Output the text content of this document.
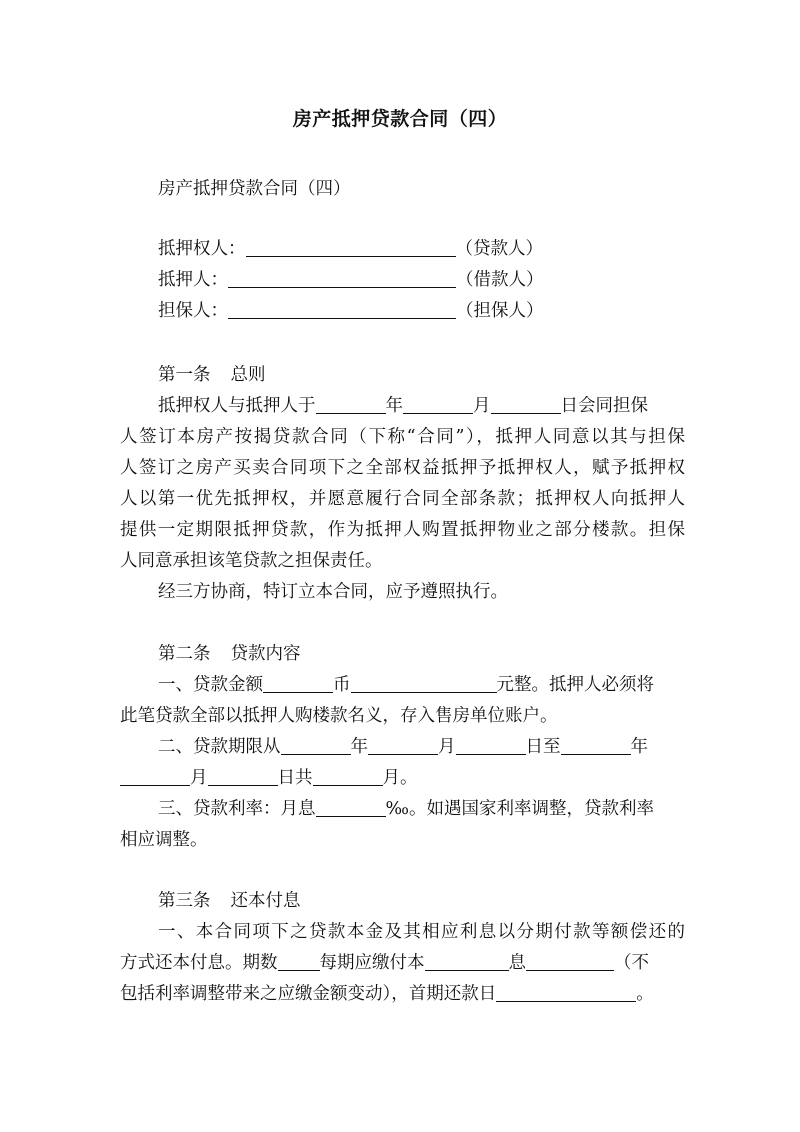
房产抵押贷款合同（四）
房产抵押贷款合同（四）
抵押权人：	（贷款人）
抵押人：	（借款人）
担保人：	（担保人）
第一条 总则
抵押权人与抵押人于	年	月	日会同担保
人签订本房产按揭贷款合同（下称“合同”），抵押人同意以其与担保
人签订之房产买卖合同项下之全部权益抵押予抵押权人，赋予抵押权
人以第一优先抵押权，并愿意履行合同全部条款；抵押权人向抵押人
提供一定期限抵押贷款，作为抵押人购置抵押物业之部分楼款。担保
人同意承担该笔贷款之担保责任。
经三方协商，特订立本合同，应予遵照执行。
第二条 贷款内容
一、贷款金额	币	元整。抵押人必须将
此笔贷款全部以抵押人购楼款名义，存入售房单位账户。
二、贷款期限从	年	月	日至	年
月	日共	月。
三、贷款利率：月息	‰。如遇国家利率调整，贷款利率
相应调整。
第三条 还本付息
一、本合同项下之贷款本金及其相应利息以分期付款等额偿还的
方式还本付息。期数 每期应缴付本	息	（不
包括利率调整带来之应缴金额变动），首期还款日	。
